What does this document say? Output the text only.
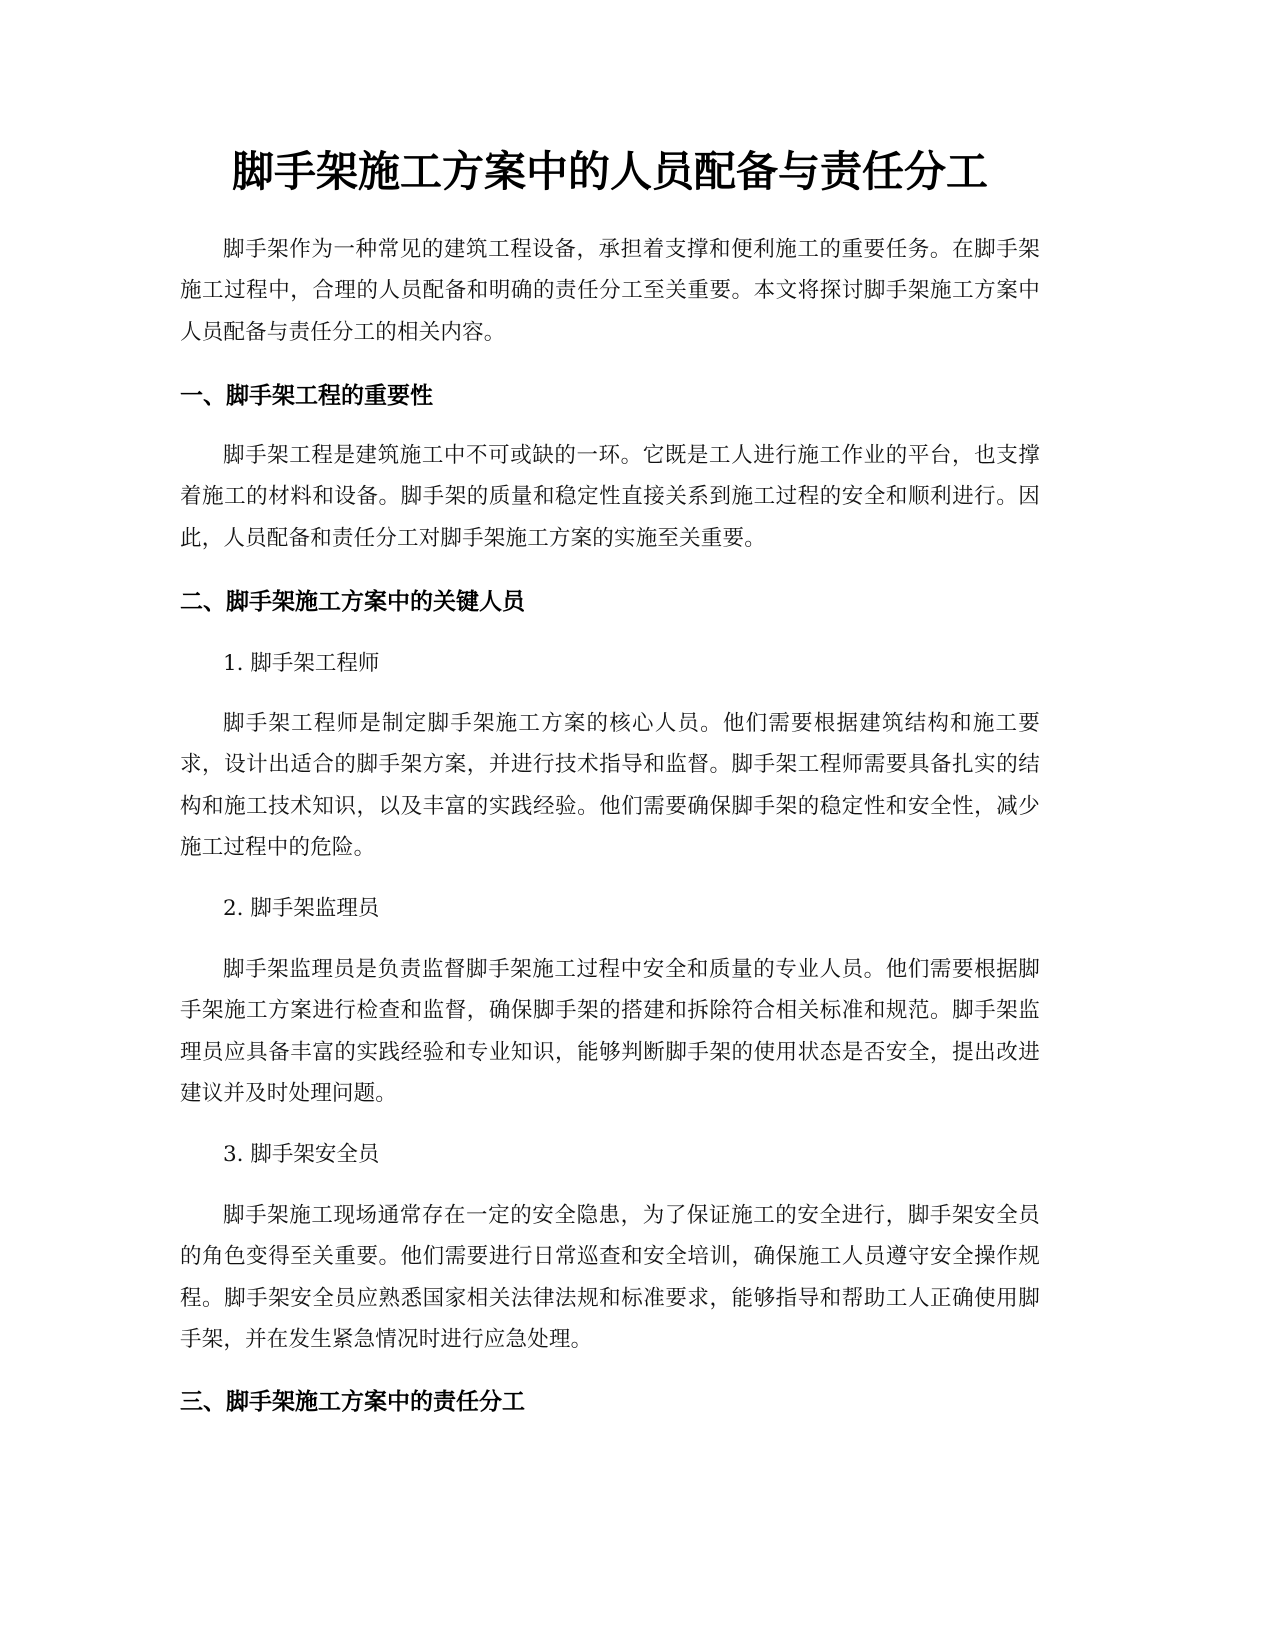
脚手架施工方案中的人员配备与责任分工

脚手架作为一种常见的建筑工程设备，承担着支撑和便利施工的重要任务。在脚手架施工过程中，合理的人员配备和明确的责任分工至关重要。本文将探讨脚手架施工方案中人员配备与责任分工的相关内容。

一、脚手架工程的重要性

脚手架工程是建筑施工中不可或缺的一环。它既是工人进行施工作业的平台，也支撑着施工的材料和设备。脚手架的质量和稳定性直接关系到施工过程的安全和顺利进行。因此，人员配备和责任分工对脚手架施工方案的实施至关重要。

二、脚手架施工方案中的关键人员

1. 脚手架工程师

脚手架工程师是制定脚手架施工方案的核心人员。他们需要根据建筑结构和施工要求，设计出适合的脚手架方案，并进行技术指导和监督。脚手架工程师需要具备扎实的结构和施工技术知识，以及丰富的实践经验。他们需要确保脚手架的稳定性和安全性，减少施工过程中的危险。

2. 脚手架监理员

脚手架监理员是负责监督脚手架施工过程中安全和质量的专业人员。他们需要根据脚手架施工方案进行检查和监督，确保脚手架的搭建和拆除符合相关标准和规范。脚手架监理员应具备丰富的实践经验和专业知识，能够判断脚手架的使用状态是否安全，提出改进建议并及时处理问题。

3. 脚手架安全员

脚手架施工现场通常存在一定的安全隐患，为了保证施工的安全进行，脚手架安全员的角色变得至关重要。他们需要进行日常巡查和安全培训，确保施工人员遵守安全操作规程。脚手架安全员应熟悉国家相关法律法规和标准要求，能够指导和帮助工人正确使用脚手架，并在发生紧急情况时进行应急处理。

三、脚手架施工方案中的责任分工
